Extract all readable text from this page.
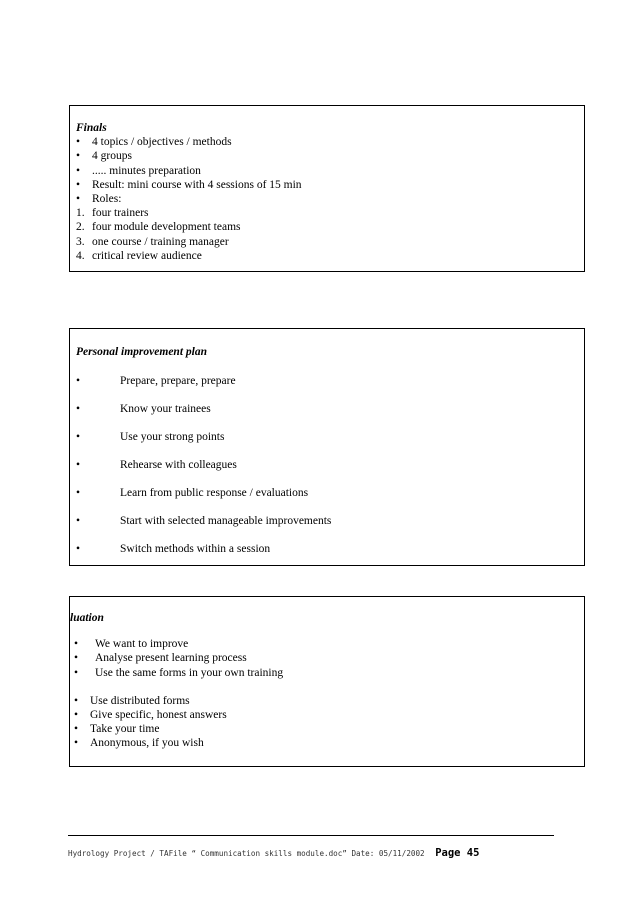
Finals
•	4 topics / objectives / methods
•	4 groups
•	..... minutes preparation
•	Result: mini course with 4 sessions of 15 min
•	Roles:
1. four trainers
2. four module development teams
3. one course / training manager
4. critical review audience
Personal improvement plan
•	Prepare, prepare, prepare
•	Know your trainees
•	Use your strong points
•	Rehearse with colleagues
•	Learn from public response / evaluations
•	Start with selected manageable improvements
•	Switch methods within a session
luation
•	We want to improve
•	Analyse present learning process
•	Use the same forms in your own training
•	Use distributed forms
•	Give specific, honest answers
•	Take your time
•	Anonymous, if you wish
Hydrology Project / TAFile “ Communication skills module.doc” Date: 05/11/2002 Page 45
